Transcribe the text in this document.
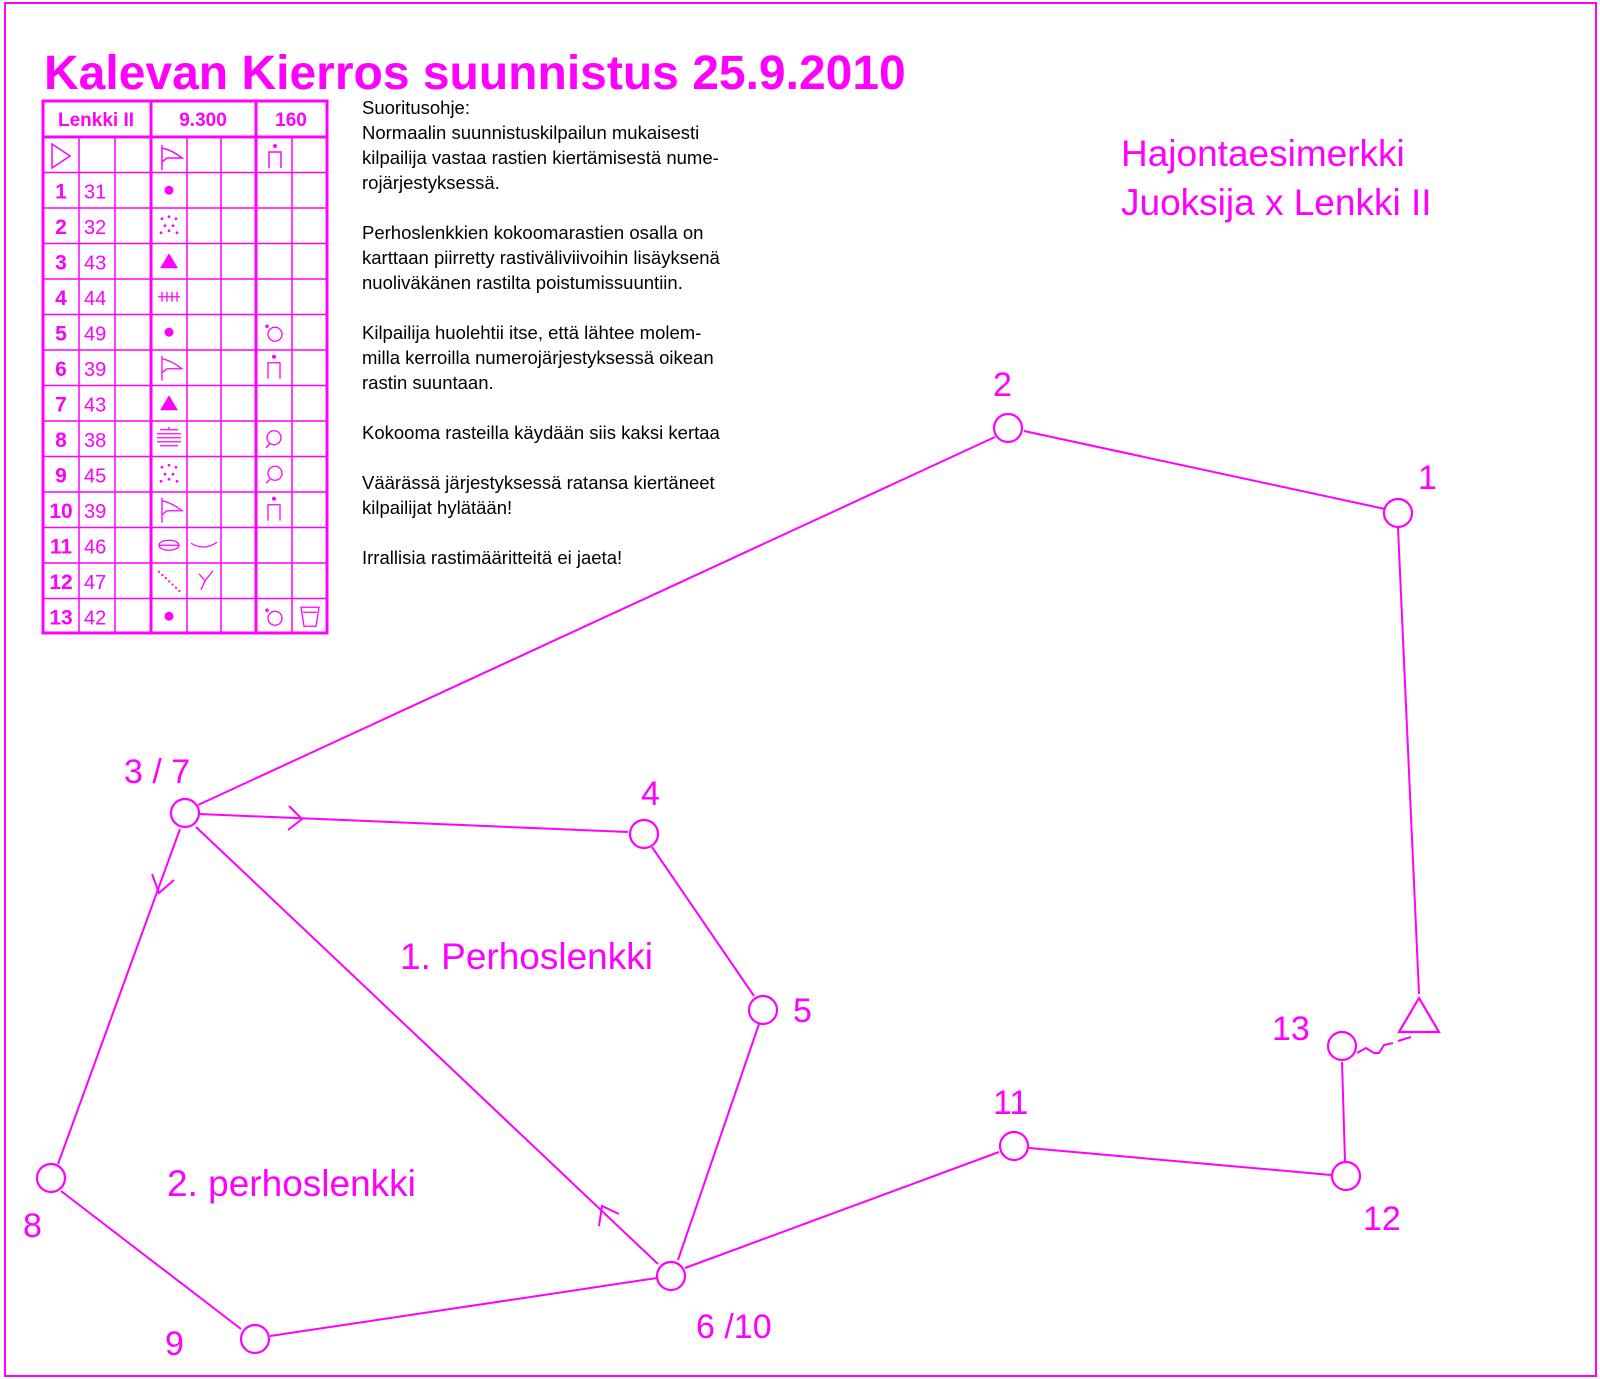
Kalevan Kierros suunnistus 25.9.2010
Lenkki II 9.300	160
1 31
2 32
3 43
4 44
5 49
6 39
7 43
8 38
9 45
10 39
11 46
12 47
13 42
Suoritusohje:
Normaalin suunnistuskilpailun mukaisesti
kilpailija vastaa rastien kiertämisestä nume-
rojärjestyksessä.
Perhoslenkkien kokoomarastien osalla on
karttaan piirretty rastiväliviivoihin lisäyksenä
nuoliväkänen rastilta poistumissuuntiin.
Kilpailija huolehtii itse, että lähtee molem-
milla kerroilla numerojärjestyksessä oikean
rastin suuntaan.
Kokooma rasteilla käydään siis kaksi kertaa
Väärässä järjestyksessä ratansa kiertäneet
kilpailijat hylätään!
Irrallisia rastimääritteitä ei jaeta!
Hajontaesimerkki
Juoksija x Lenkki II
1
2
3 / 7
4
5
6 /10
8
9
11
12
13
1. Perhoslenkki
2. perhoslenkki
